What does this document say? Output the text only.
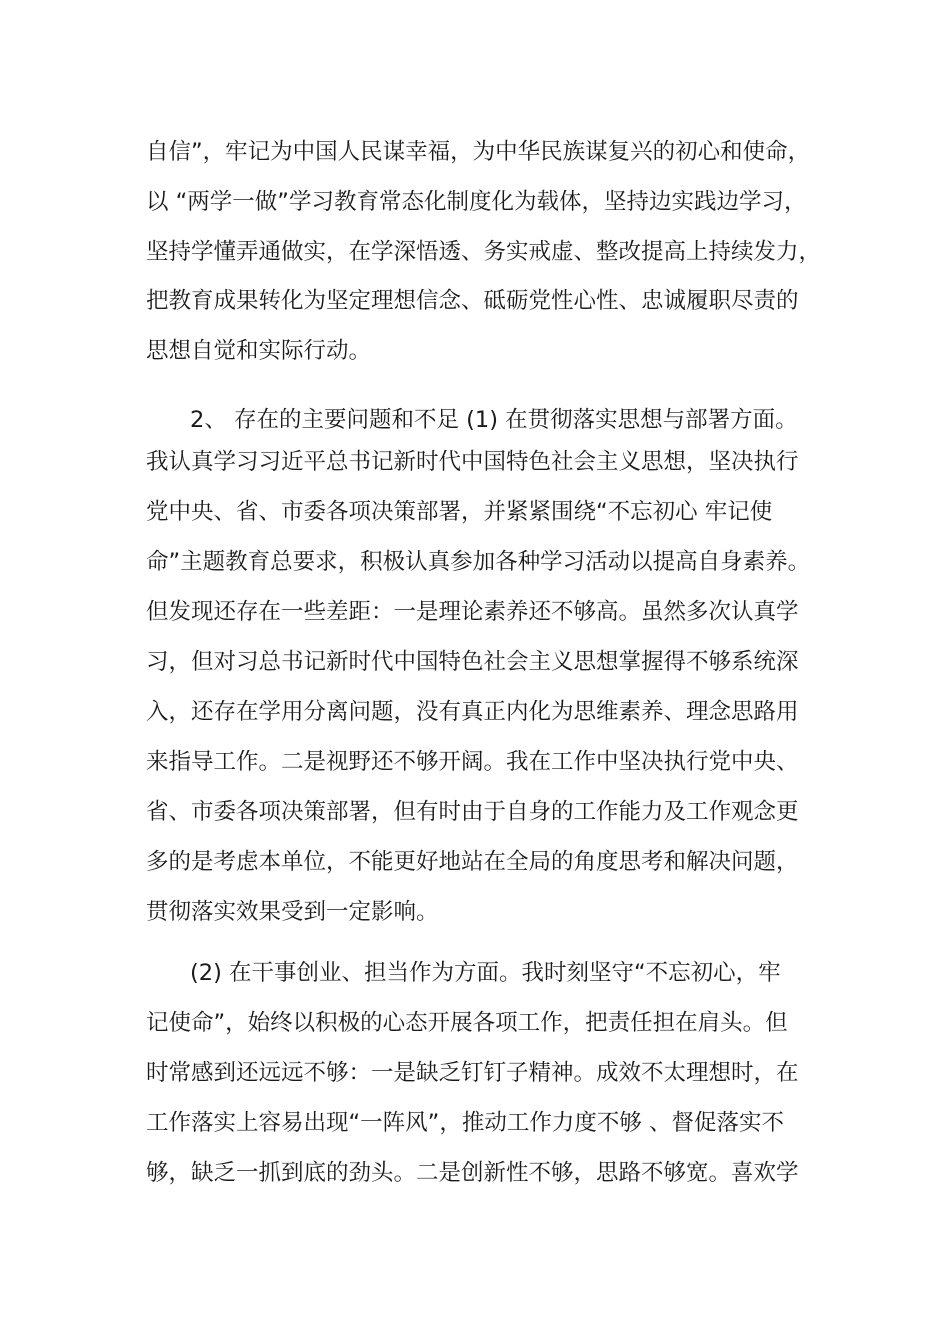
自信”，牢记为中国人民谋幸福，为中华民族谋复兴的初心和使命，
以 “两学一做”学习教育常态化制度化为载体，坚持边实践边学习，
坚持学懂弄通做实，在学深悟透、务实戒虚、整改提高上持续发力，
把教育成果转化为坚定理想信念、砥砺党性心性、忠诚履职尽责的
思想自觉和实际行动。
2、 存在的主要问题和不足 (1) 在贯彻落实思想与部署方面。
我认真学习习近平总书记新时代中国特色社会主义思想，坚决执行
党中央、省、市委各项决策部署，并紧紧围绕“不忘初心 牢记使
命”主题教育总要求，积极认真参加各种学习活动以提高自身素养。
但发现还存在一些差距：一是理论素养还不够高。虽然多次认真学
习，但对习总书记新时代中国特色社会主义思想掌握得不够系统深
入，还存在学用分离问题，没有真正内化为思维素养、理念思路用
来指导工作。二是视野还不够开阔。我在工作中坚决执行党中央、
省、市委各项决策部署，但有时由于自身的工作能力及工作观念更
多的是考虑本单位，不能更好地站在全局的角度思考和解决问题，
贯彻落实效果受到一定影响。
(2) 在干事创业、担当作为方面。我时刻坚守“不忘初心，牢
记使命”，始终以积极的心态开展各项工作，把责任担在肩头。但
时常感到还远远不够：一是缺乏钉钉子精神。成效不太理想时，在
工作落实上容易出现“一阵风”，推动工作力度不够 、督促落实不
够，缺乏一抓到底的劲头。二是创新性不够，思路不够宽。喜欢学
